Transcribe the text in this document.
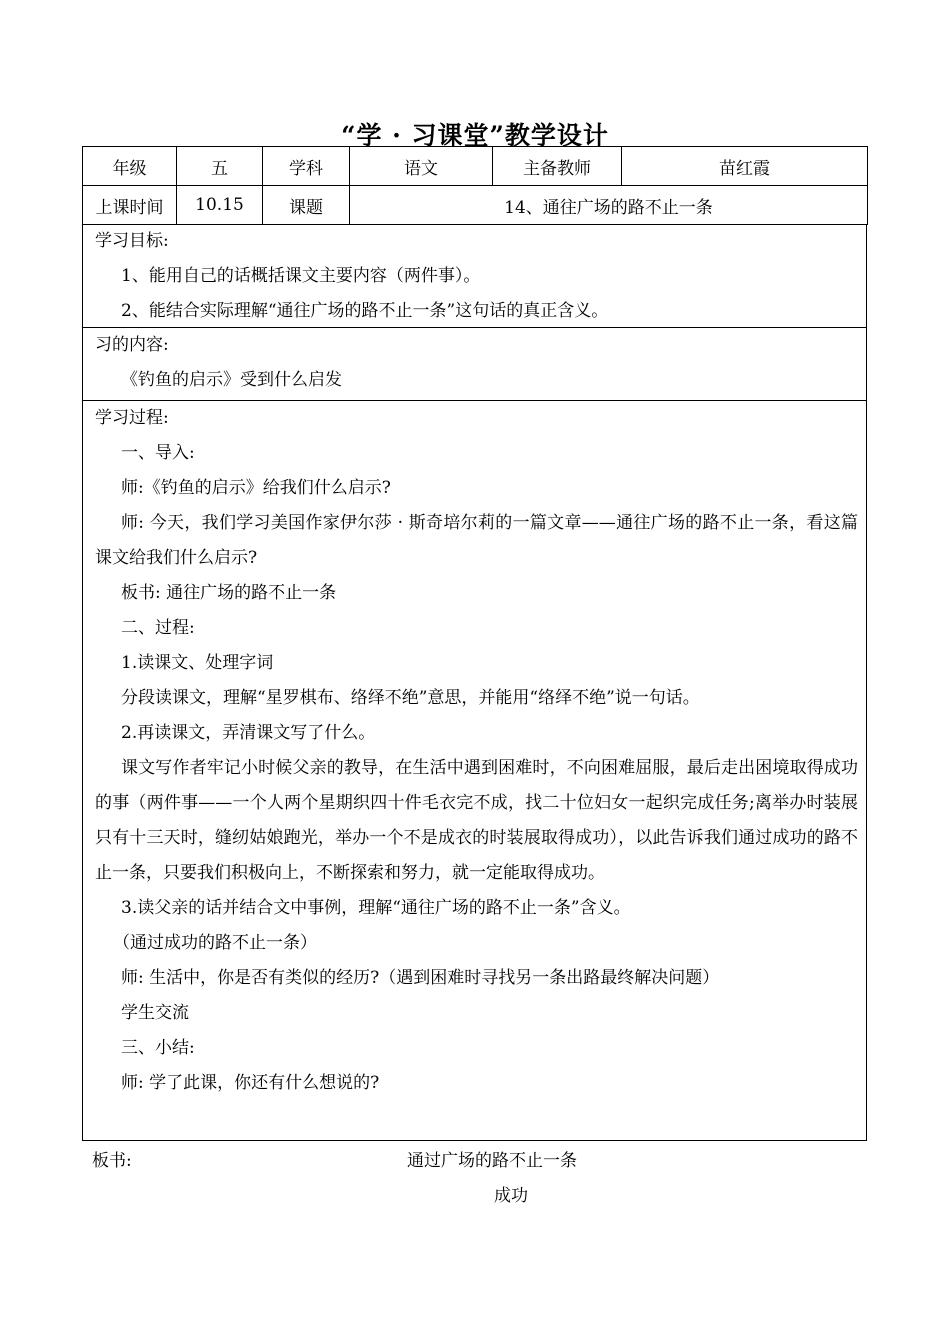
“学 · 习课堂”教学设计
年级	五	学科	语文	主备教师	苗红霞
上课时间	10.15	课题	14、通往广场的路不止一条		
学习目标:
1、能用自己的话概括课文主要内容（两件事）。
2、能结合实际理解“通往广场的路不止一条”这句话的真正含义。
习的内容:
《钓鱼的启示》受到什么启发
学习过程:
一、导入:
师:《钓鱼的启示》给我们什么启示?
师: 今天，我们学习美国作家伊尔莎 · 斯奇培尔莉的一篇文章——通往广场的路不止一条，看这篇课文给我们什么启示?
板书: 通往广场的路不止一条
二、过程:
1.读课文、处理字词
分段读课文，理解“星罗棋布、络绎不绝”意思，并能用“络绎不绝”说一句话。
2.再读课文，弄清课文写了什么。
课文写作者牢记小时候父亲的教导，在生活中遇到困难时，不向困难屈服，最后走出困境取得成功的事（两件事——一个人两个星期织四十件毛衣完不成，找二十位妇女一起织完成任务;离举办时装展只有十三天时，缝纫姑娘跑光，举办一个不是成衣的时装展取得成功），以此告诉我们通过成功的路不止一条，只要我们积极向上，不断探索和努力，就一定能取得成功。
3.读父亲的话并结合文中事例，理解“通往广场的路不止一条”含义。
（通过成功的路不止一条）
师: 生活中，你是否有类似的经历?（遇到困难时寻找另一条出路最终解决问题）
学生交流
三、小结:
师: 学了此课，你还有什么想说的?
板书:	通过广场的路不止一条
成功
